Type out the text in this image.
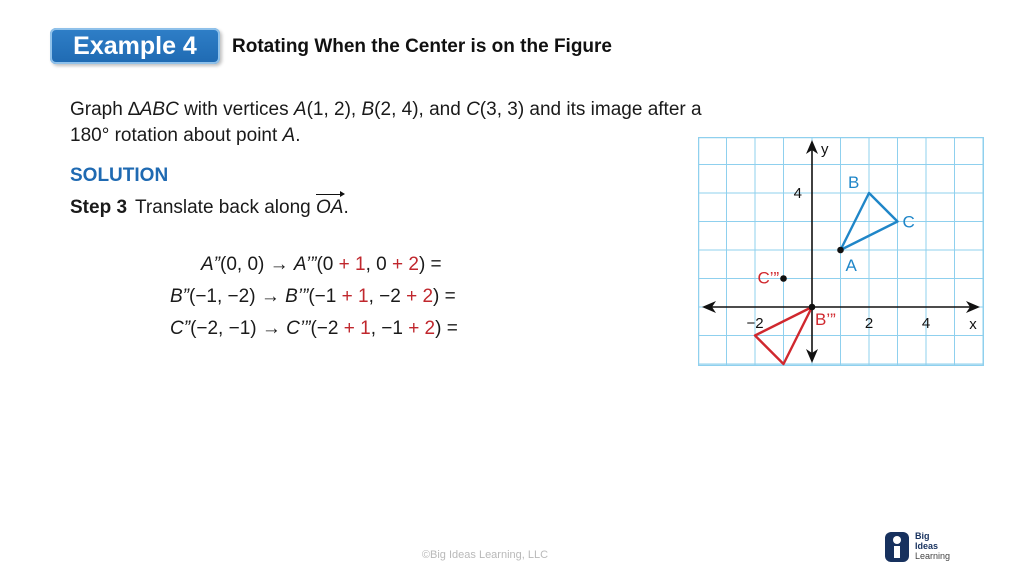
Example 4	Rotating When the Center is on the Figure
Graph ∆ABC with vertices A(1, 2), B(2, 4), and C(3, 3) and its image after a
180° rotation about point A.
SOLUTION
Step 3 Translate back along OA.
A”(0, 0) → A’”(0 + 1, 0 + 2) =
B”(−1, −2) → B’”(−1 + 1, −2 + 2) =
C”(−2, −1) → C’”(−2 + 1, −1 + 2) =	−2	2	4
4
x
y
A
B
C
C’”
B’”
©Big Ideas Learning, LLC
Big
Ideas
Learning
